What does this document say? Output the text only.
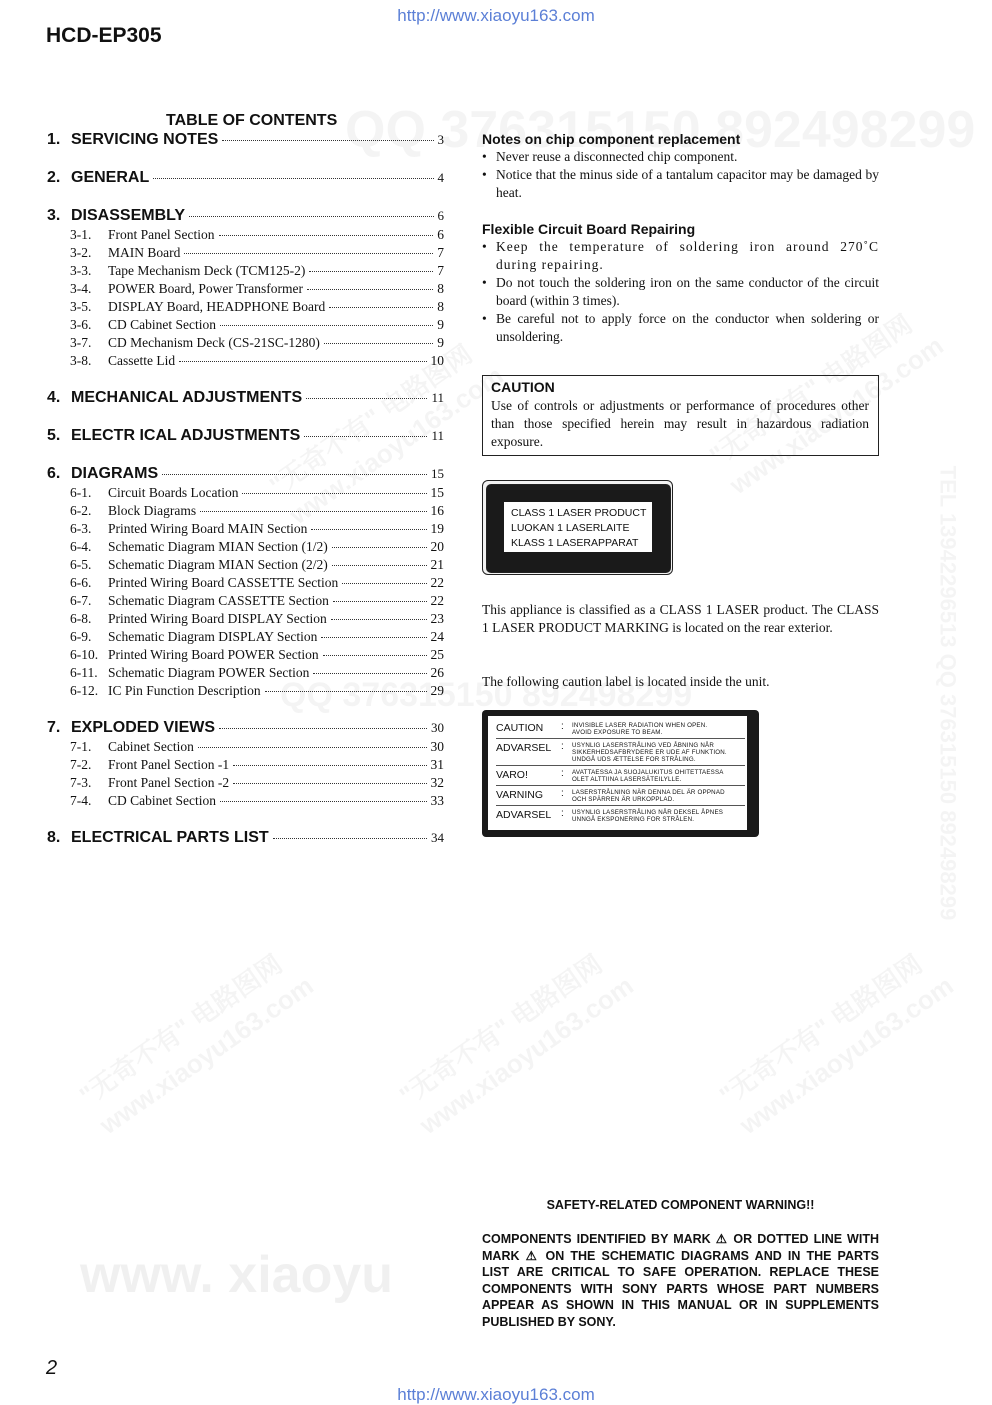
http://www.xiaoyu163.com
www. xiaoyu
http://www.xiaoyu163.com
HCD-EP305
TABLE OF CONTENTS
1. SERVICING NOTES	3
2. GENERAL	4
3. DISASSEMBLY	6
3-1.	Front Panel Section	6
3-2.	MAIN Board	7
3-3.	Tape Mechanism Deck (TCM125-2)	7
3-4.	POWER Board, Power Transformer	8
3-5.	DISPLAY Board, HEADPHONE Board	8
3-6.	CD Cabinet Section	9
3-7.	CD Mechanism Deck (CS-21SC-1280)	9
3-8.	Cassette Lid	10
4. MECHANICAL ADJUSTMENTS	11
5. ELECTR ICAL ADJUSTMENTS	11
6. DIAGRAMS	15
6-1.	Circuit Boards Location	15
6-2.	Block Diagrams	16
6-3.	Printed Wiring Board MAIN Section	19
6-4.	Schematic Diagram MIAN Section (1/2)	20
6-5.	Schematic Diagram MIAN Section (2/2)	21
6-6.	Printed Wiring Board CASSETTE Section	22
6-7.	Schematic Diagram CASSETTE Section	22
6-8.	Printed Wiring Board DISPLAY Section	23
6-9.	Schematic Diagram DISPLAY Section	24
6-10. Printed Wiring Board POWER Section	25
6-11. Schematic Diagram POWER Section	26
6-12. IC Pin Function Description	29
7. EXPLODED VIEWS	30
7-1.	Cabinet Section	30
7-2.	Front Panel Section -1	31
7-3.	Front Panel Section -2	32
7-4.	CD Cabinet Section	33
8. ELECTRICAL PARTS LIST	34
Notes on chip component replacement
• Never reuse a disconnected chip component.
• Notice that the minus side of a tantalum capacitor may be damaged by heat.
Flexible Circuit Board Repairing
• Keep the temperature of soldering iron around 270˚C during repairing.
• Do not touch the soldering iron on the same conductor of the circuit board (within 3 times).
• Be careful not to apply force on the conductor when soldering or unsoldering.
CAUTION
Use of controls or adjustments or performance of procedures other than those specified herein may result in hazardous radiation exposure.
CLASS 1 LASER PRODUCT
LUOKAN 1 LASERLAITE
KLASS 1 LASERAPPARAT
This appliance is classified as a CLASS 1 LASER product. The CLASS 1 LASER PRODUCT MARKING is located on the rear exterior.
The following caution label is located inside the unit.
CAUTION : INVISIBLE LASER RADIATION WHEN OPEN.
AVOID EXPOSURE TO BEAM.
ADVARSEL : USYNLIG LASERSTRÅLING VED ÅBNING NÅR
SIKKERHEDSAFBRYDERE ER UDE AF FUNKTION.
UNDGÅ UDS ÆTTELSE FOR STRÅLING.
VARO!	: AVATTAESSA JA SUOJALUKITUS OHITETTAESSA
OLET ALTTIINA LASERSÄTEILYLLE.
VARNING : LASERSTRÅLNING NÄR DENNA DEL ÄR OPPNAD
OCH SPÄRREN ÄR URKOPPLAD.
ADVARSEL : USYNLIG LASERSTRÅLING NÅR DEKSEL ÅPNES
UNNGÅ EKSPONERING FOR STRÅLEN.
SAFETY-RELATED COMPONENT WARNING!!
COMPONENTS IDENTIFIED BY MARK ⚠ OR DOTTED LINE WITH MARK ⚠ ON THE SCHEMATIC DIAGRAMS AND IN THE PARTS LIST ARE CRITICAL TO SAFE OPERATION. REPLACE THESE COMPONENTS WITH SONY PARTS WHOSE PART NUMBERS APPEAR AS SHOWN IN THIS MANUAL OR IN SUPPLEMENTS PUBLISHED BY SONY.
2
